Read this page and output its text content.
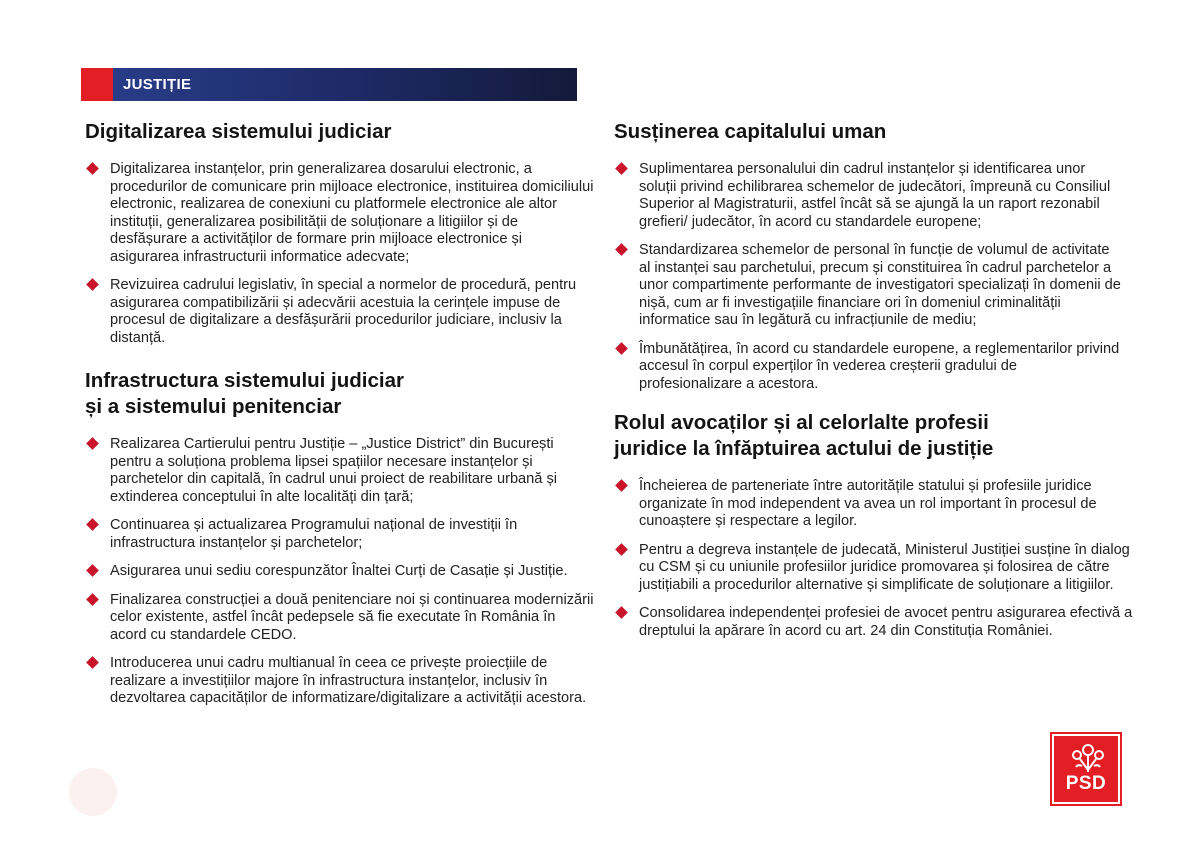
JUSTIȚIE
Digitalizarea sistemului judiciar
Digitalizarea instanțelor, prin generalizarea dosarului electronic, a procedurilor de comunicare prin mijloace electronice, instituirea domiciliului electronic, realizarea de conexiuni cu platformele electronice ale altor instituții, generalizarea posibilității de soluționare a litigiilor și de desfășurare a activităților de formare prin mijloace electronice și asigurarea infrastructurii informatice adecvate;
Revizuirea cadrului legislativ, în special a normelor de procedură, pentru asigurarea compatibilizării și adecvării acestuia la cerințele impuse de procesul de digitalizare a desfășurării procedurilor judiciare, inclusiv la distanță.
Infrastructura sistemului judiciar
și a sistemului penitenciar
Realizarea Cartierului pentru Justiție – „Justice District” din București pentru a soluționa problema lipsei spațiilor necesare instanțelor și parchetelor din capitală, în cadrul unui proiect de reabilitare urbană și extinderea conceptului în alte localități din țară;
Continuarea și actualizarea Programului național de investiții în infrastructura instanțelor și parchetelor;
Asigurarea unui sediu corespunzător Înaltei Curți de Casație și Justiție.
Finalizarea construcției a două penitenciare noi și continuarea modernizării celor existente, astfel încât pedepsele să fie executate în România în acord cu standardele CEDO.
Introducerea unui cadru multianual în ceea ce privește proiecțiile de realizare a investițiilor majore în infrastructura instanțelor, inclusiv în dezvoltarea capacităților de informatizare/digitalizare a activității acestora.
Susținerea capitalului uman
Suplimentarea personalului din cadrul instanțelor și identificarea unor soluții privind echilibrarea schemelor de judecători, împreună cu Consiliul Superior al Magistraturii, astfel încât să se ajungă la un raport rezonabil grefieri/ judecător, în acord cu standardele europene;
Standardizarea schemelor de personal în funcție de volumul de activitate al instanței sau parchetului, precum și constituirea în cadrul parchetelor a unor compartimente performante de investigatori specializați în domenii de nișă, cum ar fi investigațiile financiare ori în domeniul criminalității informatice sau în legătură cu infracțiunile de mediu;
Îmbunătățirea, în acord cu standardele europene, a reglementarilor privind accesul în corpul experților în vederea creșterii gradului de profesionalizare a acestora.
Rolul avocaților și al celorlalte profesii
juridice la înfăptuirea actului de justiție
Încheierea de parteneriate între autoritățile statului și profesiile juridice organizate în mod independent va avea un rol important în procesul de cunoaștere și respectare a legilor.
Pentru a degreva instanțele de judecată, Ministerul Justiției susține în dialog cu CSM și cu uniunile profesiilor juridice promovarea și folosirea de către justițiabili a procedurilor alternative și simplificate de soluționare a litigiilor.
Consolidarea independenței profesiei de avocet pentru asigurarea efectivă a dreptului la apărare în acord cu art. 24 din Constituția României.
PSD
